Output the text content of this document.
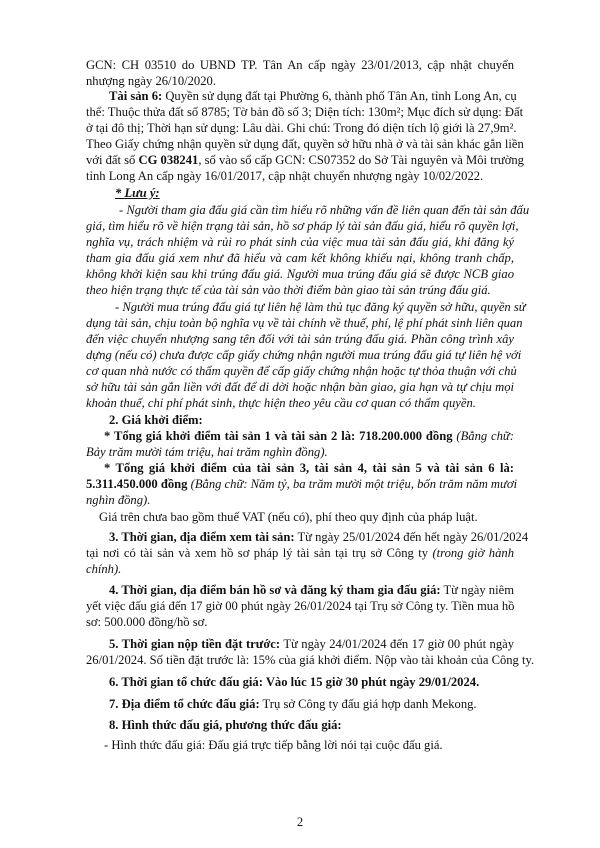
GCN: CH 03510 do UBND TP. Tân An cấp ngày 23/01/2013, cập nhật chuyển
nhượng ngày 26/10/2020.
Tài sản 6: Quyền sử dụng đất tại Phường 6, thành phố Tân An, tỉnh Long An, cụ
thể: Thuộc thửa đất số 8785; Tờ bản đồ số 3; Diện tích: 130m²; Mục đích sử dụng: Đất
ở tại đô thị; Thời hạn sử dụng: Lâu dài. Ghi chú: Trong đó diện tích lộ giới là 27,9m².
Theo Giấy chứng nhận quyền sử dụng đất, quyền sở hữu nhà ở và tài sản khác gắn liền
với đất số CG 038241, số vào sổ cấp GCN: CS07352 do Sở Tài nguyên và Môi trường
tỉnh Long An cấp ngày 16/01/2017, cập nhật chuyển nhượng ngày 10/02/2022.
* Lưu ý:
- Người tham gia đấu giá cần tìm hiểu rõ những vấn đề liên quan đến tài sản đấu
giá, tìm hiểu rõ về hiện trạng tài sản, hồ sơ pháp lý tài sản đấu giá, hiểu rõ quyền lợi,
nghĩa vụ, trách nhiệm và rủi ro phát sinh của việc mua tài sản đấu giá, khi đăng ký
tham gia đấu giá xem như đã hiểu và cam kết không khiếu nại, không tranh chấp,
không khởi kiện sau khi trúng đấu giá. Người mua trúng đấu giá sẽ được NCB giao
theo hiện trạng thực tế của tài sản vào thời điểm bàn giao tài sản trúng đấu giá.
- Người mua trúng đấu giá tự liên hệ làm thủ tục đăng ký quyền sở hữu, quyền sử
dụng tài sản, chịu toàn bộ nghĩa vụ về tài chính về thuế, phí, lệ phí phát sinh liên quan
đến việc chuyển nhượng sang tên đối với tài sản trúng đấu giá. Phần công trình xây
dựng (nếu có) chưa được cấp giấy chứng nhận người mua trúng đấu giá tự liên hệ với
cơ quan nhà nước có thẩm quyền để cấp giấy chứng nhận hoặc tự thỏa thuận với chủ
sở hữu tài sản gắn liền với đất để di dời hoặc nhận bàn giao, gia hạn và tự chịu mọi
khoản thuế, chi phí phát sinh, thực hiện theo yêu cầu cơ quan có thẩm quyền.
2. Giá khởi điểm:
* Tổng giá khởi điểm tài sản 1 và tài sản 2 là: 718.200.000 đồng (Bằng chữ:
Bảy trăm mười tám triệu, hai trăm nghìn đồng).
* Tổng giá khởi điểm của tài sản 3, tài sản 4, tài sản 5 và tài sản 6 là:
5.311.450.000 đồng (Bằng chữ: Năm tỷ, ba trăm mười một triệu, bốn trăm năm mươi
nghìn đồng).
Giá trên chưa bao gồm thuế VAT (nếu có), phí theo quy định của pháp luật.
3. Thời gian, địa điểm xem tài sản: Từ ngày 25/01/2024 đến hết ngày 26/01/2024
tại nơi có tài sản và xem hồ sơ pháp lý tài sản tại trụ sở Công ty (trong giờ hành
chính).
4. Thời gian, địa điểm bán hồ sơ và đăng ký tham gia đấu giá: Từ ngày niêm
yết việc đấu giá đến 17 giờ 00 phút ngày 26/01/2024 tại Trụ sở Công ty. Tiền mua hồ
sơ: 500.000 đồng/hồ sơ.
5. Thời gian nộp tiền đặt trước: Từ ngày 24/01/2024 đến 17 giờ 00 phút ngày
26/01/2024. Số tiền đặt trước là: 15% của giá khởi điểm. Nộp vào tài khoản của Công ty.
6. Thời gian tổ chức đấu giá: Vào lúc 15 giờ 30 phút ngày 29/01/2024.
7. Địa điểm tổ chức đấu giá: Trụ sở Công ty đấu giá hợp danh Mekong.
8. Hình thức đấu giá, phương thức đấu giá:
- Hình thức đấu giá: Đấu giá trực tiếp bằng lời nói tại cuộc đấu giá.
2
